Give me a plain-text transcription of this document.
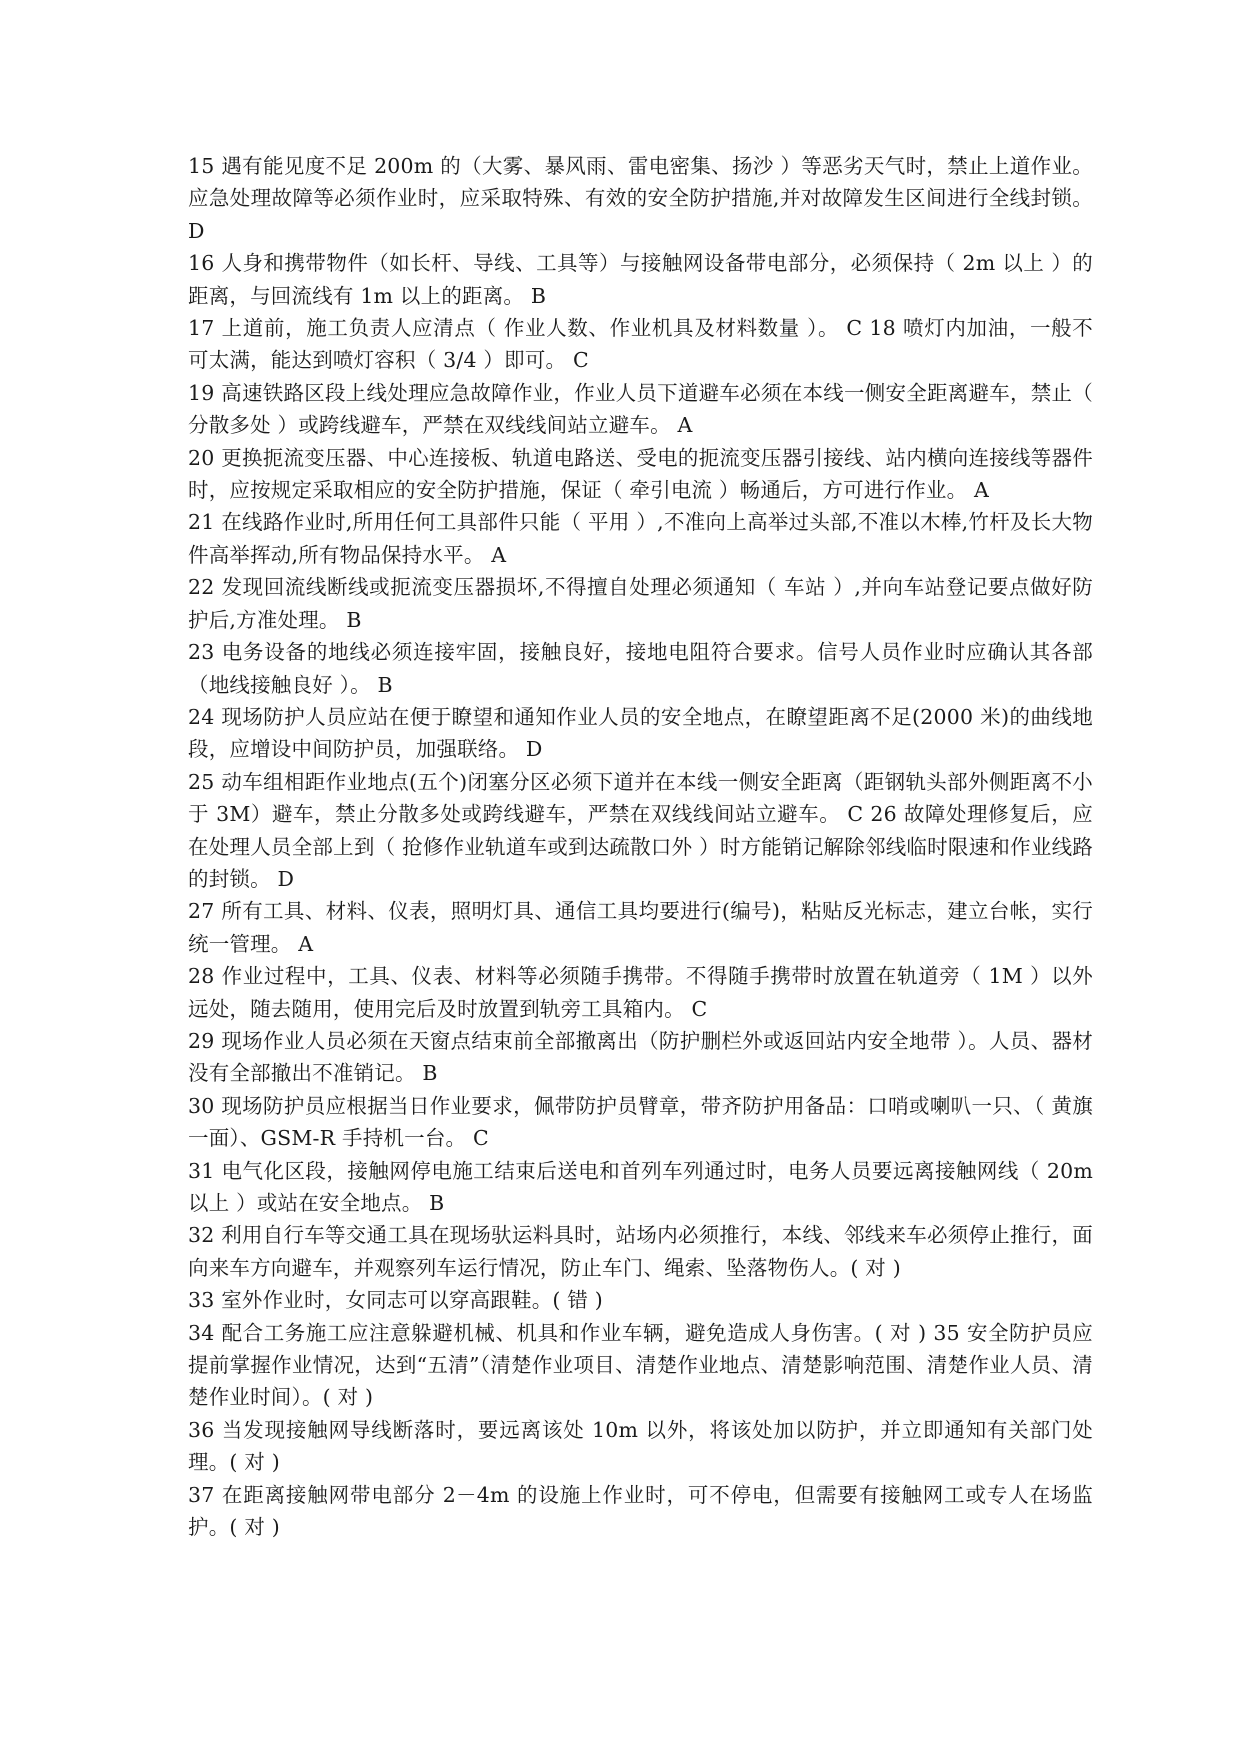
15 遇有能见度不足 200m 的（大雾、暴风雨、雷电密集、扬沙 ）等恶劣天气时，禁止上道作业。应急处理故障等必须作业时，应采取特殊、有效的安全防护措施,并对故障发生区间进行全线封锁。 D

16 人身和携带物件（如长杆、导线、工具等）与接触网设备带电部分，必须保持（ 2m 以上 ）的距离，与回流线有 1m 以上的距离。 B

17 上道前，施工负责人应清点（ 作业人数、作业机具及材料数量 ）。 C 18 喷灯内加油，一般不可太满，能达到喷灯容积（ 3/4 ）即可。 C

19 高速铁路区段上线处理应急故障作业，作业人员下道避车必须在本线一侧安全距离避车，禁止（ 分散多处 ）或跨线避车，严禁在双线线间站立避车。 A

20 更换扼流变压器、中心连接板、轨道电路送、受电的扼流变压器引接线、站内横向连接线等器件时，应按规定采取相应的安全防护措施，保证（ 牵引电流 ）畅通后，方可进行作业。 A

21 在线路作业时,所用任何工具部件只能（ 平用 ）,不准向上高举过头部,不准以木棒,竹杆及长大物件高举挥动,所有物品保持水平。 A

22 发现回流线断线或扼流变压器损坏,不得擅自处理必须通知（ 车站 ）,并向车站登记要点做好防护后,方准处理。 B

23 电务设备的地线必须连接牢固，接触良好，接地电阻符合要求。信号人员作业时应确认其各部（地线接触良好 ）。 B

24 现场防护人员应站在便于瞭望和通知作业人员的安全地点，在瞭望距离不足(2000 米)的曲线地段，应增设中间防护员，加强联络。 D

25 动车组相距作业地点(五个)闭塞分区必须下道并在本线一侧安全距离（距钢轨头部外侧距离不小于 3M）避车，禁止分散多处或跨线避车，严禁在双线线间站立避车。 C 26 故障处理修复后，应在处理人员全部上到（ 抢修作业轨道车或到达疏散口外 ）时方能销记解除邻线临时限速和作业线路的封锁。 D

27 所有工具、材料、仪表，照明灯具、通信工具均要进行(编号)，粘贴反光标志，建立台帐，实行统一管理。 A

28 作业过程中，工具、仪表、材料等必须随手携带。不得随手携带时放置在轨道旁（ 1M ）以外远处，随去随用，使用完后及时放置到轨旁工具箱内。 C

29 现场作业人员必须在天窗点结束前全部撤离出（防护删栏外或返回站内安全地带 ）。人员、器材没有全部撤出不准销记。 B

30 现场防护员应根据当日作业要求，佩带防护员臂章，带齐防护用备品：口哨或喇叭一只、（ 黄旗一面）、GSM-R 手持机一台。 C

31 电气化区段，接触网停电施工结束后送电和首列车列通过时，电务人员要远离接触网线（ 20m 以上 ）或站在安全地点。 B

32 利用自行车等交通工具在现场驮运料具时，站场内必须推行，本线、邻线来车必须停止推行，面向来车方向避车，并观察列车运行情况，防止车门、绳索、坠落物伤人。( 对 )

33 室外作业时，女同志可以穿高跟鞋。( 错 )

34 配合工务施工应注意躲避机械、机具和作业车辆，避免造成人身伤害。( 对 ) 35 安全防护员应提前掌握作业情况，达到“五清”（清楚作业项目、清楚作业地点、清楚影响范围、清楚作业人员、清楚作业时间）。( 对 )

36 当发现接触网导线断落时，要远离该处 10m 以外，将该处加以防护，并立即通知有关部门处理。( 对 )

37 在距离接触网带电部分 2－4m 的设施上作业时，可不停电，但需要有接触网工或专人在场监护。( 对 )
